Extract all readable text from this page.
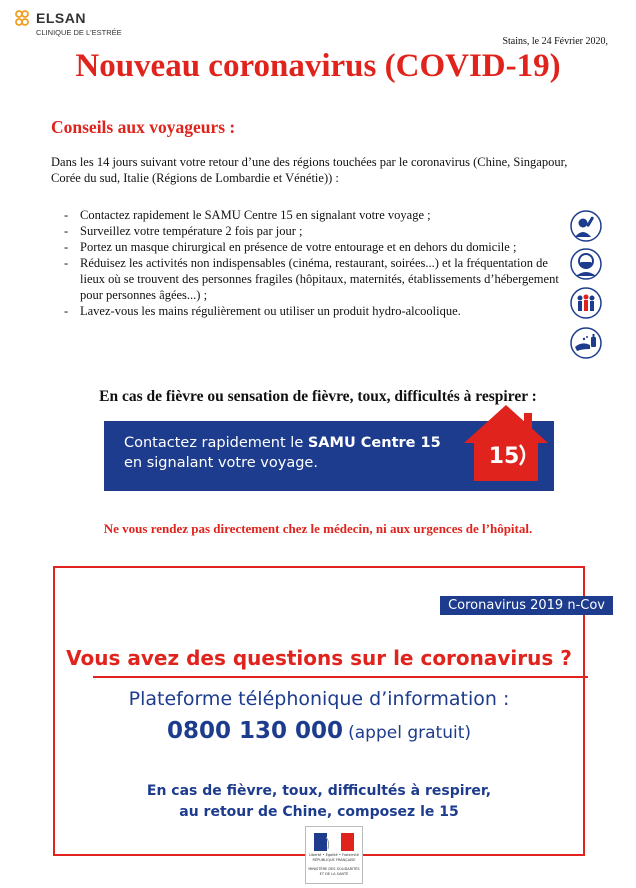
ELSAN
CLINIQUE DE L'ESTRÉE
Stains, le 24 Février 2020,
Nouveau coronavirus (COVID-19)
Conseils aux voyageurs :
Dans les 14 jours suivant votre retour d’une des régions touchées par le coronavirus (Chine, Singapour, Corée du sud, Italie (Régions de Lombardie et Vénétie)) :
- Contactez rapidement le SAMU Centre 15 en signalant votre voyage ;
- Surveillez votre température 2 fois par jour ;
- Portez un masque chirurgical en présence de votre entourage et en dehors du domicile ;
- Réduisez les activités non indispensables (cinéma, restaurant, soirées...) et la fréquentation de lieux où se trouvent des personnes fragiles (hôpitaux, maternités, établissements d’hébergement pour personnes âgées...) ;
- Lavez-vous les mains régulièrement ou utiliser un produit hydro-alcoolique.
En cas de fièvre ou sensation de fièvre, toux, difficultés à respirer :
Contactez rapidement le SAMU Centre 15
en signalant votre voyage.	15
Ne vous rendez pas directement chez le médecin, ni aux urgences de l’hôpital.
Coronavirus 2019 n-Cov
Vous avez des questions sur le coronavirus ?
Plateforme téléphonique d’information :
0800 130 000 (appel gratuit)
En cas de fièvre, toux, difficultés à respirer,
au retour de Chine, composez le 15
Liberté • Égalité • Fraternité
RÉPUBLIQUE FRANÇAISE
MINISTÈRE DES SOLIDARITÉS ET DE LA SANTÉ
